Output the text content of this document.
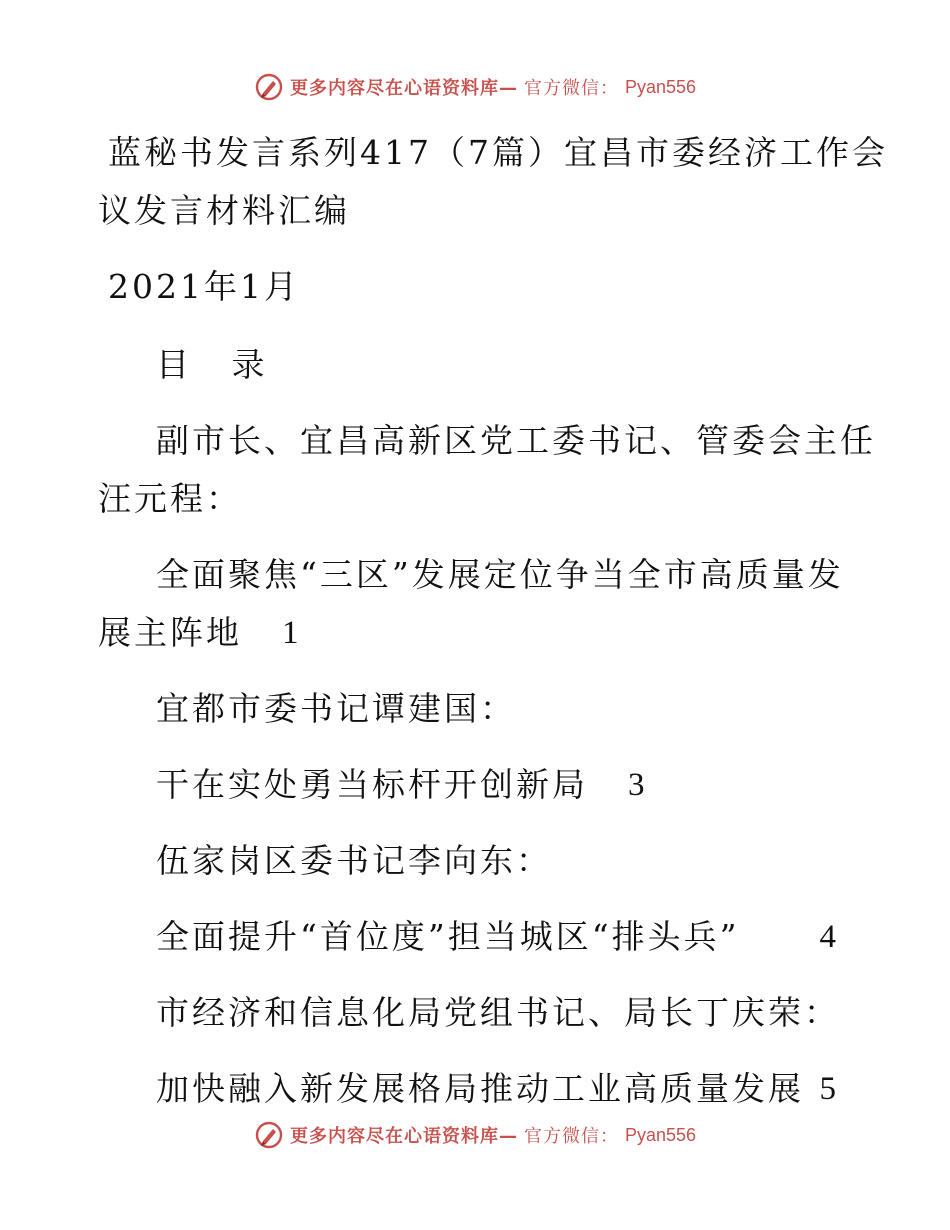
更多内容尽在心语资料库— 官方微信： Pyan556
蓝秘书发言系列417（7篇）宜昌市委经济工作会
议发言材料汇编
2021年1月
目 录
副市长、宜昌高新区党工委书记、管委会主任
汪元程：
全面聚焦“三区”发展定位争当全市高质量发
展主阵地 1
宜都市委书记谭建国：
干在实处勇当标杆开创新局 3
伍家岗区委书记李向东：
全面提升“首位度”担当城区“排头兵” 4
市经济和信息化局党组书记、局长丁庆荣：
加快融入新发展格局推动工业高质量发展 5
更多内容尽在心语资料库— 官方微信： Pyan556
